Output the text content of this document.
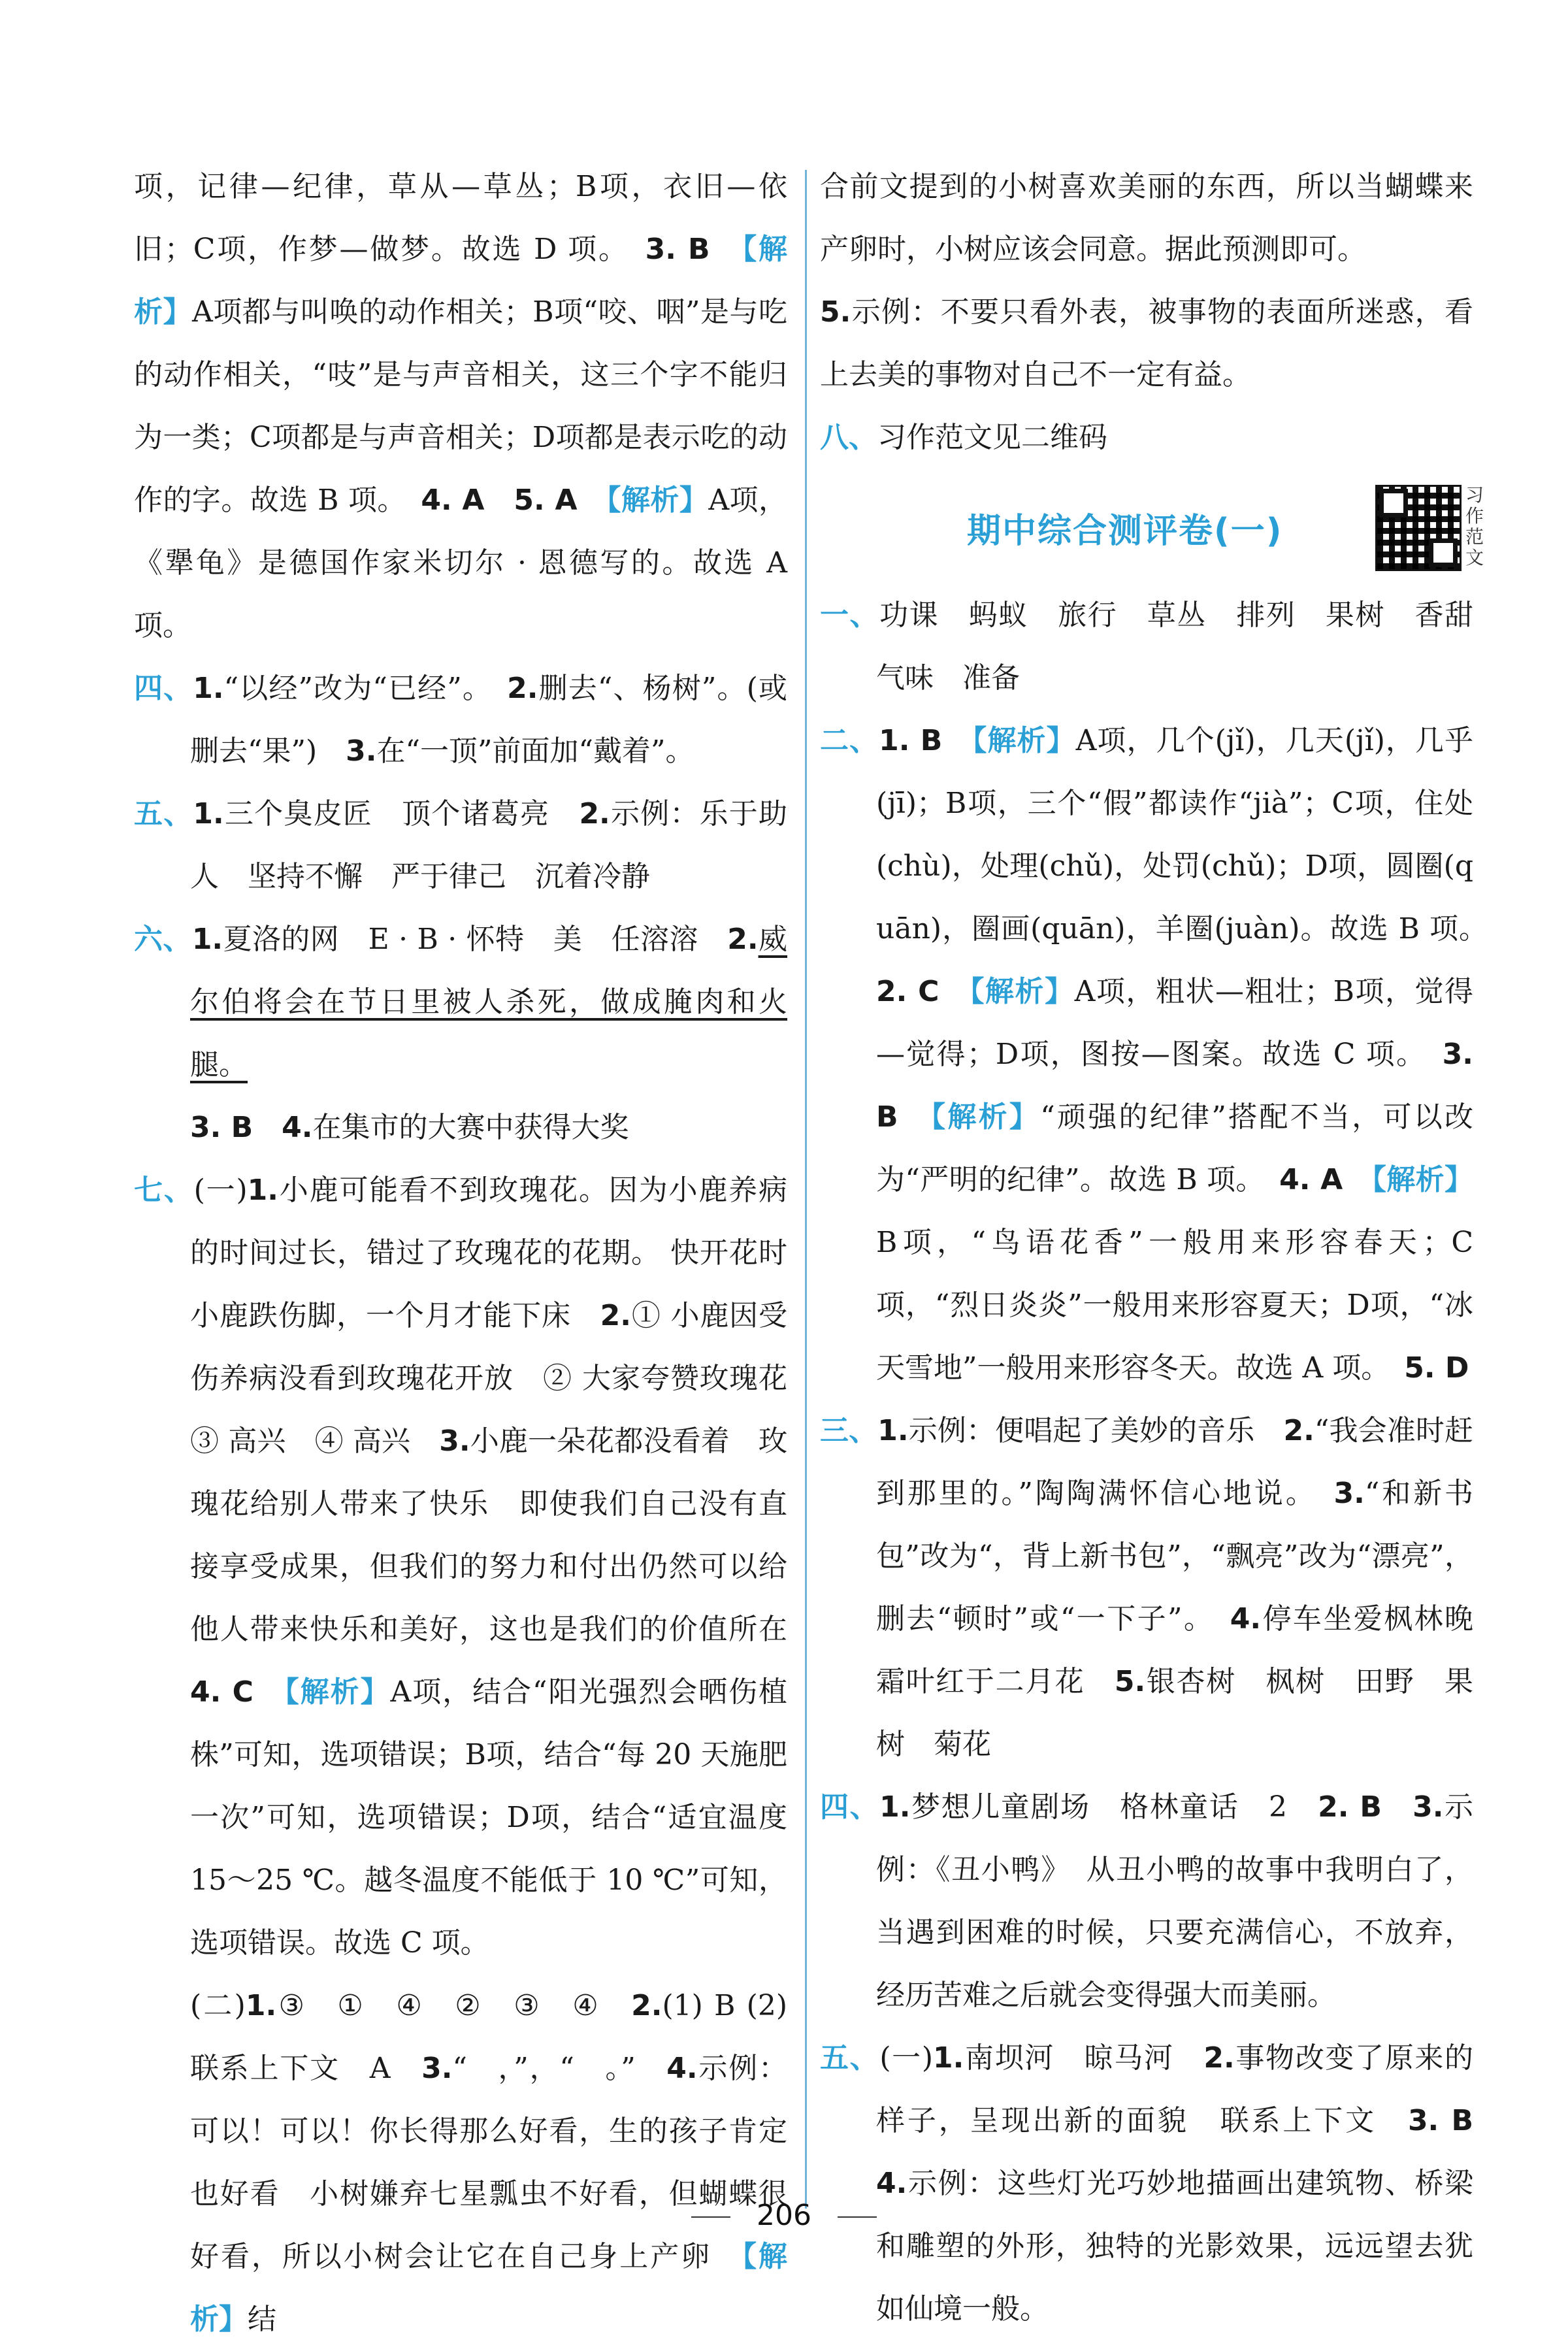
项，记律—纪律，草从—草丛；B项，衣旧—依旧；C项，作梦—做梦。故选 D 项。　3. B　【解析】A项都与叫唤的动作相关；B项“咬、咽”是与吃的动作相关，“吱”是与声音相关，这三个字不能归为一类；C项都是与声音相关；D项都是表示吃的动作的字。故选 B 项。　4. A　5. A　【解析】A项，《犟龟》是德国作家米切尔 · 恩德写的。故选 A 项。

四、1.“以经”改为“已经”。　2.删去“、杨树”。(或删去“果”)　3.在“一顶”前面加“戴着”。

五、1.三个臭皮匠　顶个诸葛亮　2.示例：乐于助人　坚持不懈　严于律己　沉着冷静

六、1.夏洛的网　E · B · 怀特　美　任溶溶　2.威尔伯将会在节日里被人杀死，做成腌肉和火腿。

3. B　4.在集市的大赛中获得大奖

七、(一)1.小鹿可能看不到玫瑰花。因为小鹿养病的时间过长，错过了玫瑰花的花期。 快开花时小鹿跌伤脚，一个月才能下床　2.① 小鹿因受伤养病没看到玫瑰花开放　② 大家夸赞玫瑰花　③ 高兴　④ 高兴　3.小鹿一朵花都没看着　玫瑰花给别人带来了快乐　即使我们自己没有直接享受成果，但我们的努力和付出仍然可以给他人带来快乐和美好，这也是我们的价值所在　4. C　【解析】A项，结合“阳光强烈会晒伤植株”可知，选项错误；B项，结合“每 20 天施肥一次”可知，选项错误；D项，结合“适宜温度 15～25 ℃。越冬温度不能低于 10 ℃”可知，选项错误。故选 C 项。

(二)1.③　①　④　②　③　④　2.(1) B (2) 联系上下文　A　3.“　，”，“　。”　4.示例：可以！可以！你长得那么好看，生的孩子肯定也好看　小树嫌弃七星瓢虫不好看，但蝴蝶很好看，所以小树会让它在自己身上产卵　【解析】结

合前文提到的小树喜欢美丽的东西，所以当蝴蝶来产卵时，小树应该会同意。据此预测即可。

5.示例：不要只看外表，被事物的表面所迷惑，看上去美的事物对自己不一定有益。

八、习作范文见二维码

期中综合测评卷(一)
习作范文

一、功课　蚂蚁　旅行　草丛　排列　果树　香甜　气味　准备

二、1. B　【解析】A项，几个(jǐ)，几天(jǐ)，几乎(jī)；B项，三个“假”都读作“jià”；C项，住处(chù)，处理(chǔ)，处罚(chǔ)；D项，圆圈(quān)，圈画(quān)，羊圈(juàn)。故选 B 项。　2. C　【解析】A项，粗状—粗壮；B项，觉得—觉得；D项，图按—图案。故选 C 项。　3. B　【解析】“顽强的纪律”搭配不当，可以改为“严明的纪律”。故选 B 项。　4. A　【解析】B项，“鸟语花香”一般用来形容春天；C项，“烈日炎炎”一般用来形容夏天；D项，“冰天雪地”一般用来形容冬天。故选 A 项。　5. D

三、1.示例：便唱起了美妙的音乐　2.“我会准时赶到那里的。”陶陶满怀信心地说。　3.“和新书包”改为“，背上新书包”，“飘亮”改为“漂亮”，删去“顿时”或“一下子”。　4.停车坐爱枫林晚　霜叶红于二月花　5.银杏树　枫树　田野　果树　菊花

四、1.梦想儿童剧场　格林童话　2　2. B　3.示例：《丑小鸭》　从丑小鸭的故事中我明白了，当遇到困难的时候，只要充满信心，不放弃，经历苦难之后就会变得强大而美丽。

五、(一)1.南坝河　晾马河　2.事物改变了原来的样子，呈现出新的面貌　联系上下文　3. B　4.示例：这些灯光巧妙地描画出建筑物、桥梁和雕塑的外形，独特的光影效果，远远望去犹如仙境一般。

206
